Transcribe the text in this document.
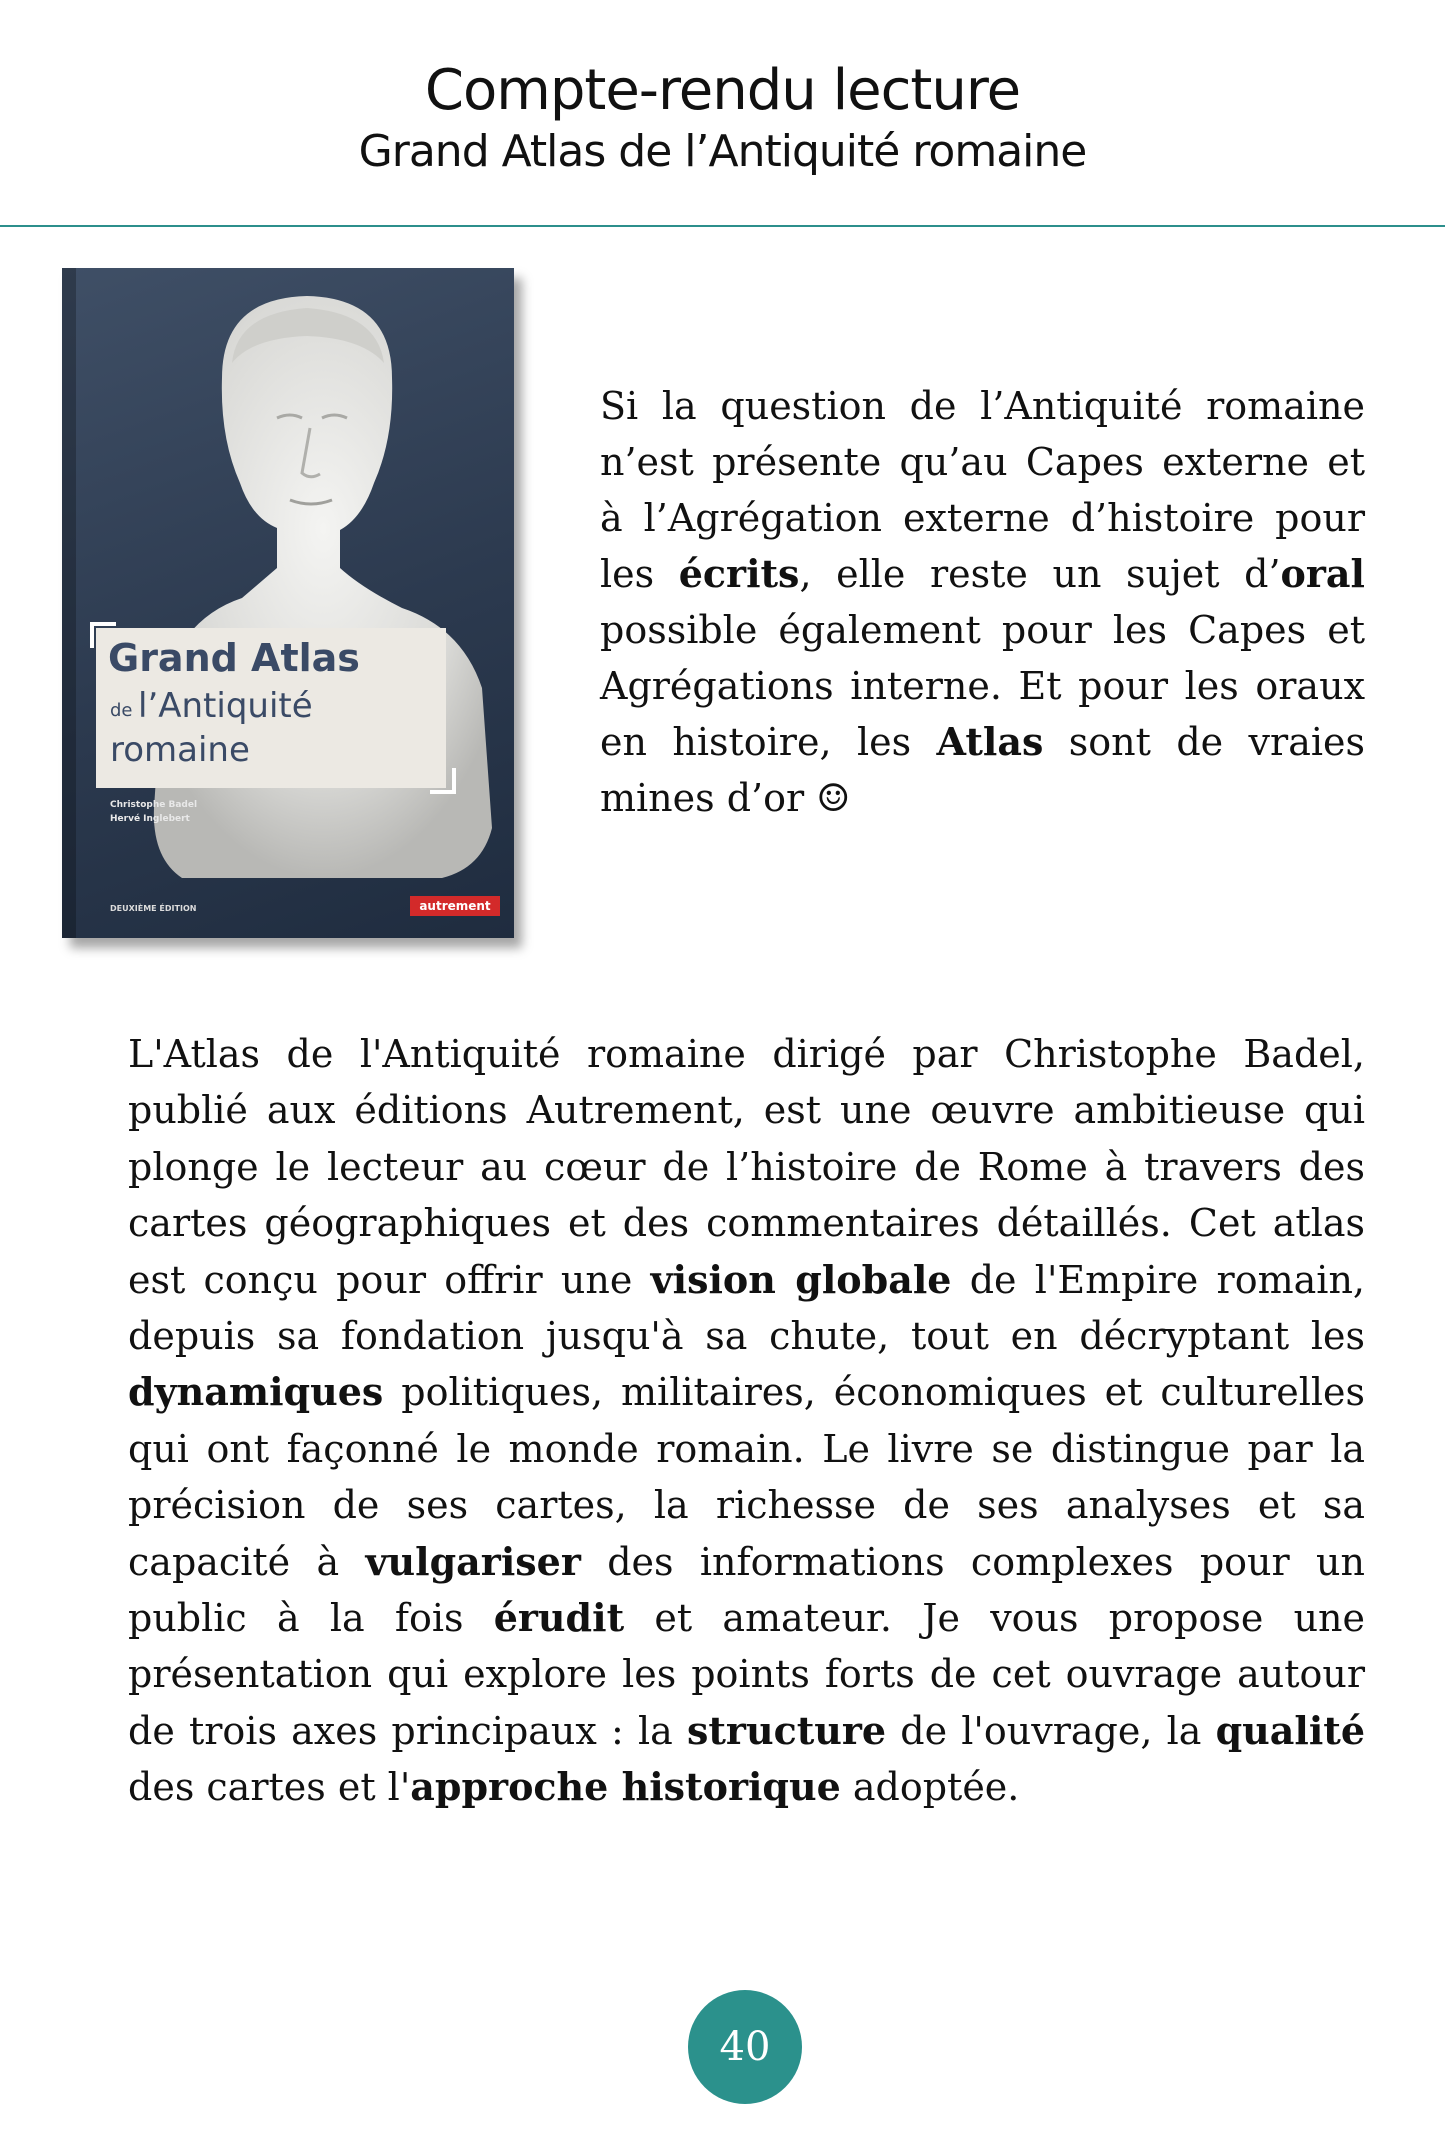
Compte-rendu lecture
Grand Atlas de l’Antiquité romaine
Grand Atlas
de l’Antiquité
romaine
Christophe Badel
Hervé Inglebert
DEUXIÈME ÉDITION	autrement

Si la question de l’Antiquité romaine n’est présente qu’au Capes externe et à l’Agrégation externe d’histoire pour les écrits, elle reste un sujet d’oral possible également pour les Capes et Agrégations interne. Et pour les oraux en histoire, les Atlas sont de vraies mines d’or ☺

L'Atlas de l'Antiquité romaine dirigé par Christophe Badel, publié aux éditions Autrement, est une œuvre ambitieuse qui plonge le lecteur au cœur de l’histoire de Rome à travers des cartes géographiques et des commentaires détaillés. Cet atlas est conçu pour offrir une vision globale de l'Empire romain, depuis sa fondation jusqu'à sa chute, tout en décryptant les dynamiques politiques, militaires, économiques et culturelles qui ont façonné le monde romain. Le livre se distingue par la précision de ses cartes, la richesse de ses analyses et sa capacité à vulgariser des informations complexes pour un public à la fois érudit et amateur. Je vous propose une présentation qui explore les points forts de cet ouvrage autour de trois axes principaux : la structure de l'ouvrage, la qualité des cartes et l'approche historique adoptée.

40
